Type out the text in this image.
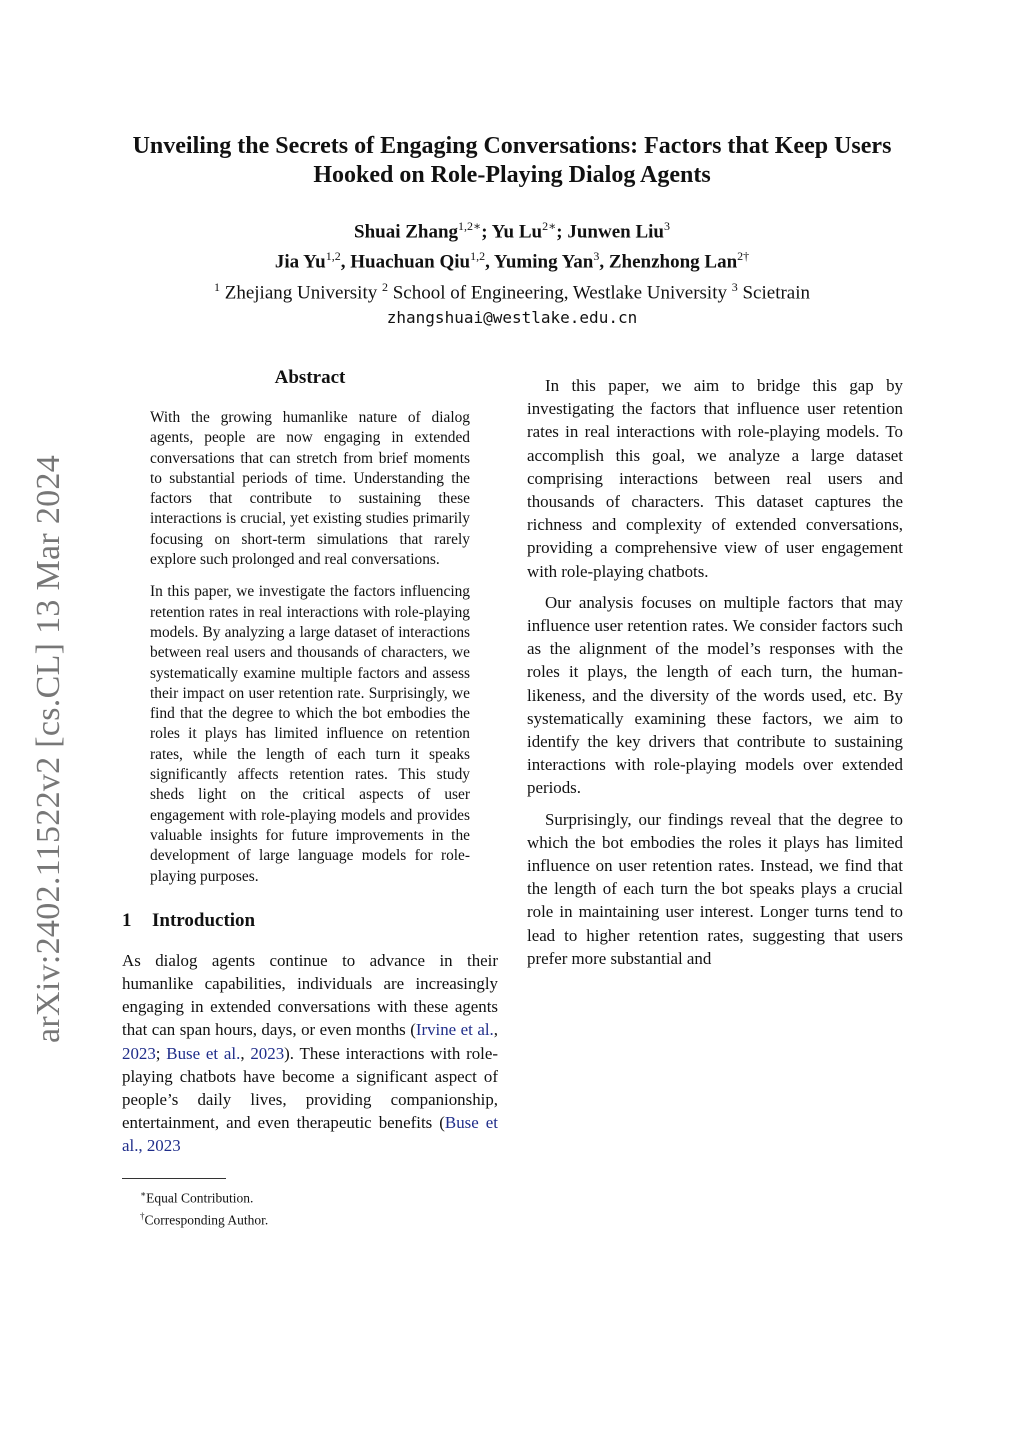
arXiv:2402.11522v2 [cs.CL] 13 Mar 2024
Unveiling the Secrets of Engaging Conversations: Factors that Keep Users Hooked on Role-Playing Dialog Agents
Shuai Zhang$^{1,2∗}$; Yu $Lu^{2∗}$; Junwen Liu$^3$
Jia Yu$^{1,2}$, Huachuan Qiu$^{1,2}$, Yuming Yan$^3$, Zhenzhong Lan$^{2\dagger}$
$^1$ Zhejiang University $^2$ School of Engineering, Westlake University $^3$ Scietrain
zhangshuai@westlake.edu.cn
Abstract

With the growing humanlike nature of dialog agents, people are now engaging in extended conversations that can stretch from brief moments to substantial periods of time. Understanding the factors that contribute to sustaining these interactions is crucial, yet existing studies primarily focusing on short-term simulations that rarely explore such prolonged and real conversations.

In this paper, we investigate the factors influencing retention rates in real interactions with role-playing models. By analyzing a large dataset of interactions between real users and thousands of characters, we systematically examine multiple factors and assess their impact on user retention rate. Surprisingly, we find that the degree to which the bot embodies the roles it plays has limited influence on retention rates, while the length of each turn it speaks significantly affects retention rates. This study sheds light on the critical aspects of user engagement with role-playing models and provides valuable insights for future improvements in the development of large language models for role-playing purposes.

1 Introduction

As dialog agents continue to advance in their humanlike capabilities, individuals are increasingly engaging in extended conversations with these agents that can span hours, days, or even months (Irvine et al., 2023; Buse et al., 2023). These interactions with role-playing chatbots have become a significant aspect of people’s daily lives, providing companionship, entertainment, and even therapeutic benefits (Buse et al., 2023

∗Equal Contribution.

†Corresponding Author.

In this paper, we aim to bridge this gap by investigating the factors that influence user retention rates in real interactions with role-playing models. To accomplish this goal, we analyze a large dataset comprising interactions between real users and thousands of characters. This dataset captures the richness and complexity of extended conversations, providing a comprehensive view of user engagement with role-playing chatbots.

Our analysis focuses on multiple factors that may influence user retention rates. We consider factors such as the alignment of the model’s responses with the roles it plays, the length of each turn, the human-likeness, and the diversity of the words used, etc. By systematically examining these factors, we aim to identify the key drivers that contribute to sustaining interactions with role-playing models over extended periods.

Surprisingly, our findings reveal that the degree to which the bot embodies the roles it plays has limited influence on user retention rates. Instead, we find that the length of each turn the bot speaks plays a crucial role in maintaining user interest. Longer turns tend to lead to higher retention rates, suggesting that users prefer more substantial and
